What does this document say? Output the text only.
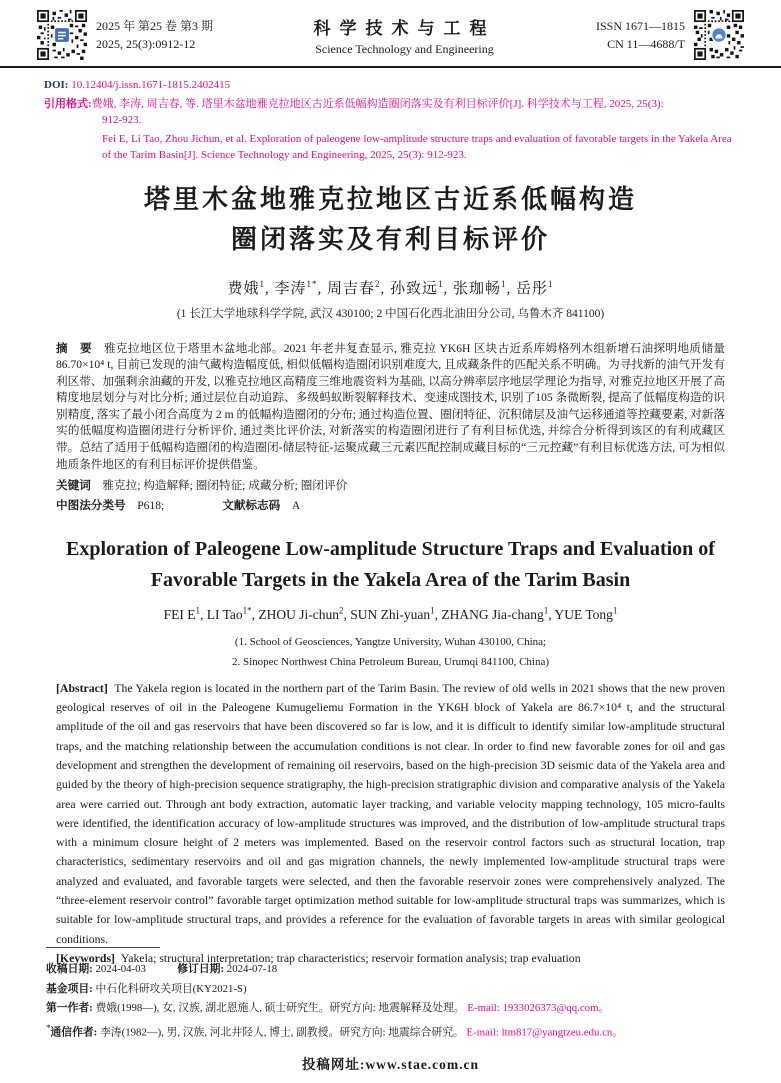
2025 年 第25 卷 第3 期
2025, 25(3):0912-12
科学技术与工程
Science Technology and Engineering
ISSN 1671—1815
CN 11—4688/T
DOI: 10.12404/j.issn.1671-1815.2402415
引用格式:费娥, 李涛, 周吉春, 等. 塔里木盆地雅克拉地区古近系低幅构造圈闭落实及有利目标评价[J]. 科学技术与工程, 2025, 25(3):
912-923.
Fei E, Li Tao, Zhou Jichun, et al. Exploration of paleogene low-amplitude structure traps and evaluation of favorable targets in the Yakela Area of the Tarim Basin[J]. Science Technology and Engineering, 2025, 25(3): 912-923.
塔里木盆地雅克拉地区古近系低幅构造
圈闭落实及有利目标评价
费娥$^1$, 李涛$^{1*}$, 周吉春$^2$, 孙致远$^1$, 张珈畅$^1$, 岳彤$^1$
(1 长江大学地球科学学院, 武汉 430100; 2 中国石化西北油田分公司, 乌鲁木齐 841100)

摘　要　 雅克拉地区位于塔里木盆地北部。2021 年老井复查显示, 雅克拉 YK6H 区块古近系库姆格列木组新增石油探明地质储量 86.70×10⁴ t, 目前已发现的油气藏构造幅度低, 相似低幅构造圈闭识别难度大, 且成藏条件的匹配关系不明确。为寻找新的油气开发有利区带、加强剩余油藏的开发, 以雅克拉地区高精度三维地震资料为基础, 以高分辨率层序地层学理论为指导, 对雅克拉地区开展了高精度地层划分与对比分析; 通过层位自动追踪、多级蚂蚁断裂解释技术、变速成图技术, 识别了105 条微断裂, 提高了低幅度构造的识别精度, 落实了最小闭合高度为 2 m 的低幅构造圈闭的分布; 通过构造位置、圈闭特征、沉积储层及油气运移通道等控藏要素, 对新落实的低幅度构造圈闭进行分析评价, 通过类比评价法, 对新落实的构造圈闭进行了有利目标优选, 并综合分析得到该区的有利成藏区带。总结了适用于低幅构造圈闭的构造圈闭-储层特征-运聚成藏三元素匹配控制成藏目标的“三元控藏”有利目标优选方法, 可为相似地质条件地区的有利目标评价提供借鉴。

关键词　 雅克拉; 构造解释; 圈闭特征; 成藏分析; 圈闭评价

中图法分类号　 P618;	文献标志码　 A

Exploration of Paleogene Low-amplitude Structure Traps and Evaluation of
Favorable Targets in the Yakela Area of the Tarim Basin
FEI $E^1$, LI Tao$^{1*}$, ZHOU Ji-chun$^2$, SUN Zhi-yuan$^1$, ZHANG Jia-chang$^1$, YUE Tong$^1$
(1. School of Geosciences, Yangtze University, Wuhan 430100, China;
2. Sinopec Northwest China Petroleum Bureau, Urumqi 841100, China)

[Abstract] The Yakela region is located in the northern part of the Tarim Basin. The review of old wells in 2021 shows that the new proven geological reserves of oil in the Paleogene Kumugeliemu Formation in the YK6H block of Yakela are 86.7×10⁴ t, and the structural amplitude of the oil and gas reservoirs that have been discovered so far is low, and it is difficult to identify similar low-amplitude structural traps, and the matching relationship between the accumulation conditions is not clear. In order to find new favorable zones for oil and gas development and strengthen the development of remaining oil reservoirs, based on the high-precision 3D seismic data of the Yakela area and guided by the theory of high-precision sequence stratigraphy, the high-precision stratigraphic division and comparative analysis of the Yakela area were carried out. Through ant body extraction, automatic layer tracking, and variable velocity mapping technology, 105 micro-faults were identified, the identification accuracy of low-amplitude structures was improved, and the distribution of low-amplitude structural traps with a minimum closure height of 2 meters was implemented. Based on the reservoir control factors such as structural location, trap characteristics, sedimentary reservoirs and oil and gas migration channels, the newly implemented low-amplitude structural traps were analyzed and evaluated, and favorable targets were selected, and then the favorable reservoir zones were comprehensively analyzed. The “three-element reservoir control” favorable target optimization method suitable for low-amplitude structural traps was summarizes, which is suitable for low-amplitude structural traps, and provides a reference for the evaluation of favorable targets in areas with similar geological conditions.

[Keywords] Yakela; structural interpretation; trap characteristics; reservoir formation analysis; trap evaluation

收稿日期: 2024-04-03	修订日期: 2024-07-18
基金项目: 中石化科研攻关项目(KY2021-S)
第一作者: 费娥(1998—), 女, 汉族, 湖北恩施人, 硕士研究生。研究方向: 地震解释及处理。 E-mail: 1933026373@qq.com。
*通信作者: 李涛(1982—), 男, 汉族, 河北井陉人, 博士, 副教授。研究方向: 地震综合研究。 E-mail: ltm817@yangtzeu.edu.cn。
投稿网址:www.stae.com.cn
